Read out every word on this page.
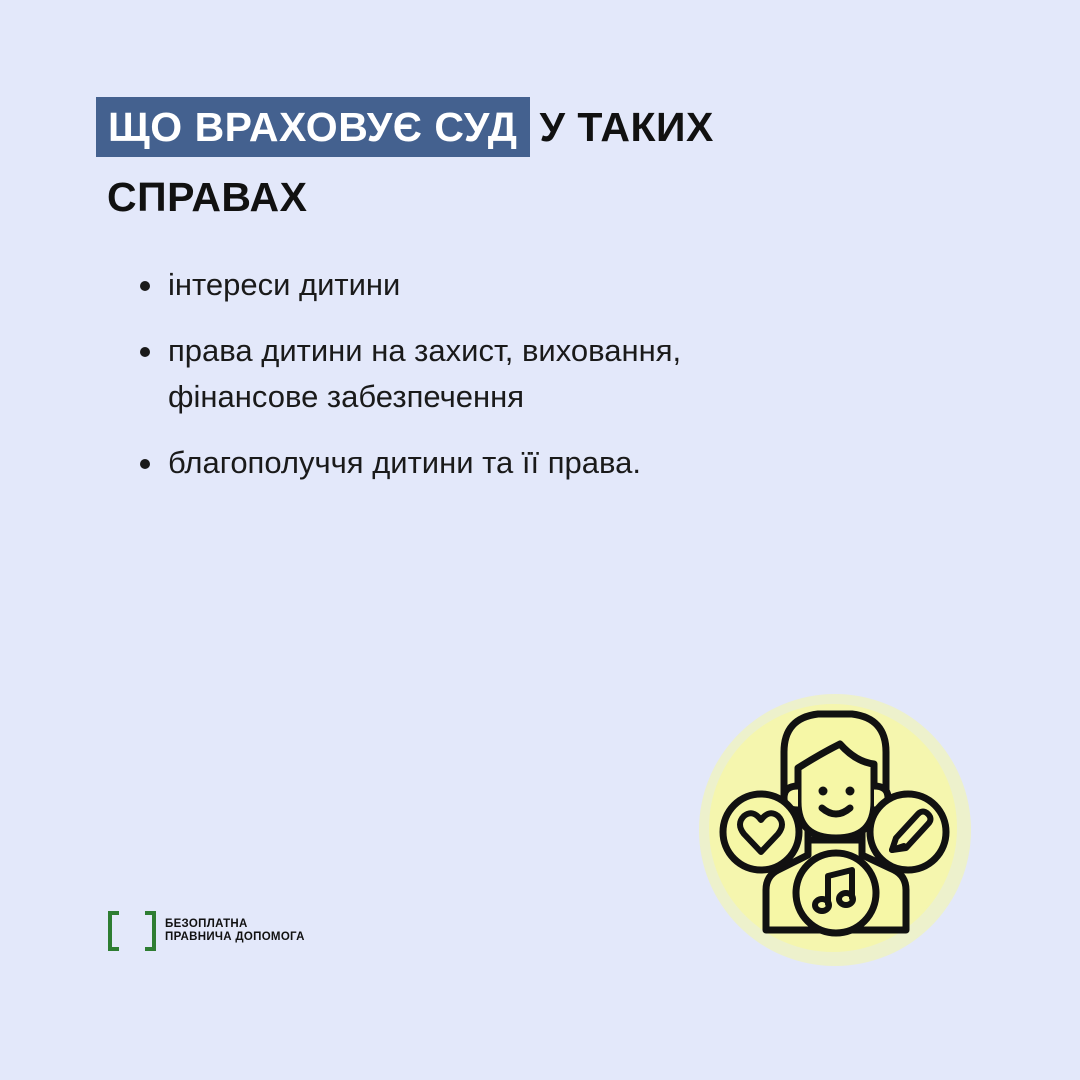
ЩО ВРАХОВУЄ СУД У ТАКИХ
СПРАВАХ
інтереси дитини
права дитини на захист, виховання,
фінансове забезпечення
благополуччя дитини та її права.
БЕЗОПЛАТНА
ПРАВНИЧА ДОПОМОГА
